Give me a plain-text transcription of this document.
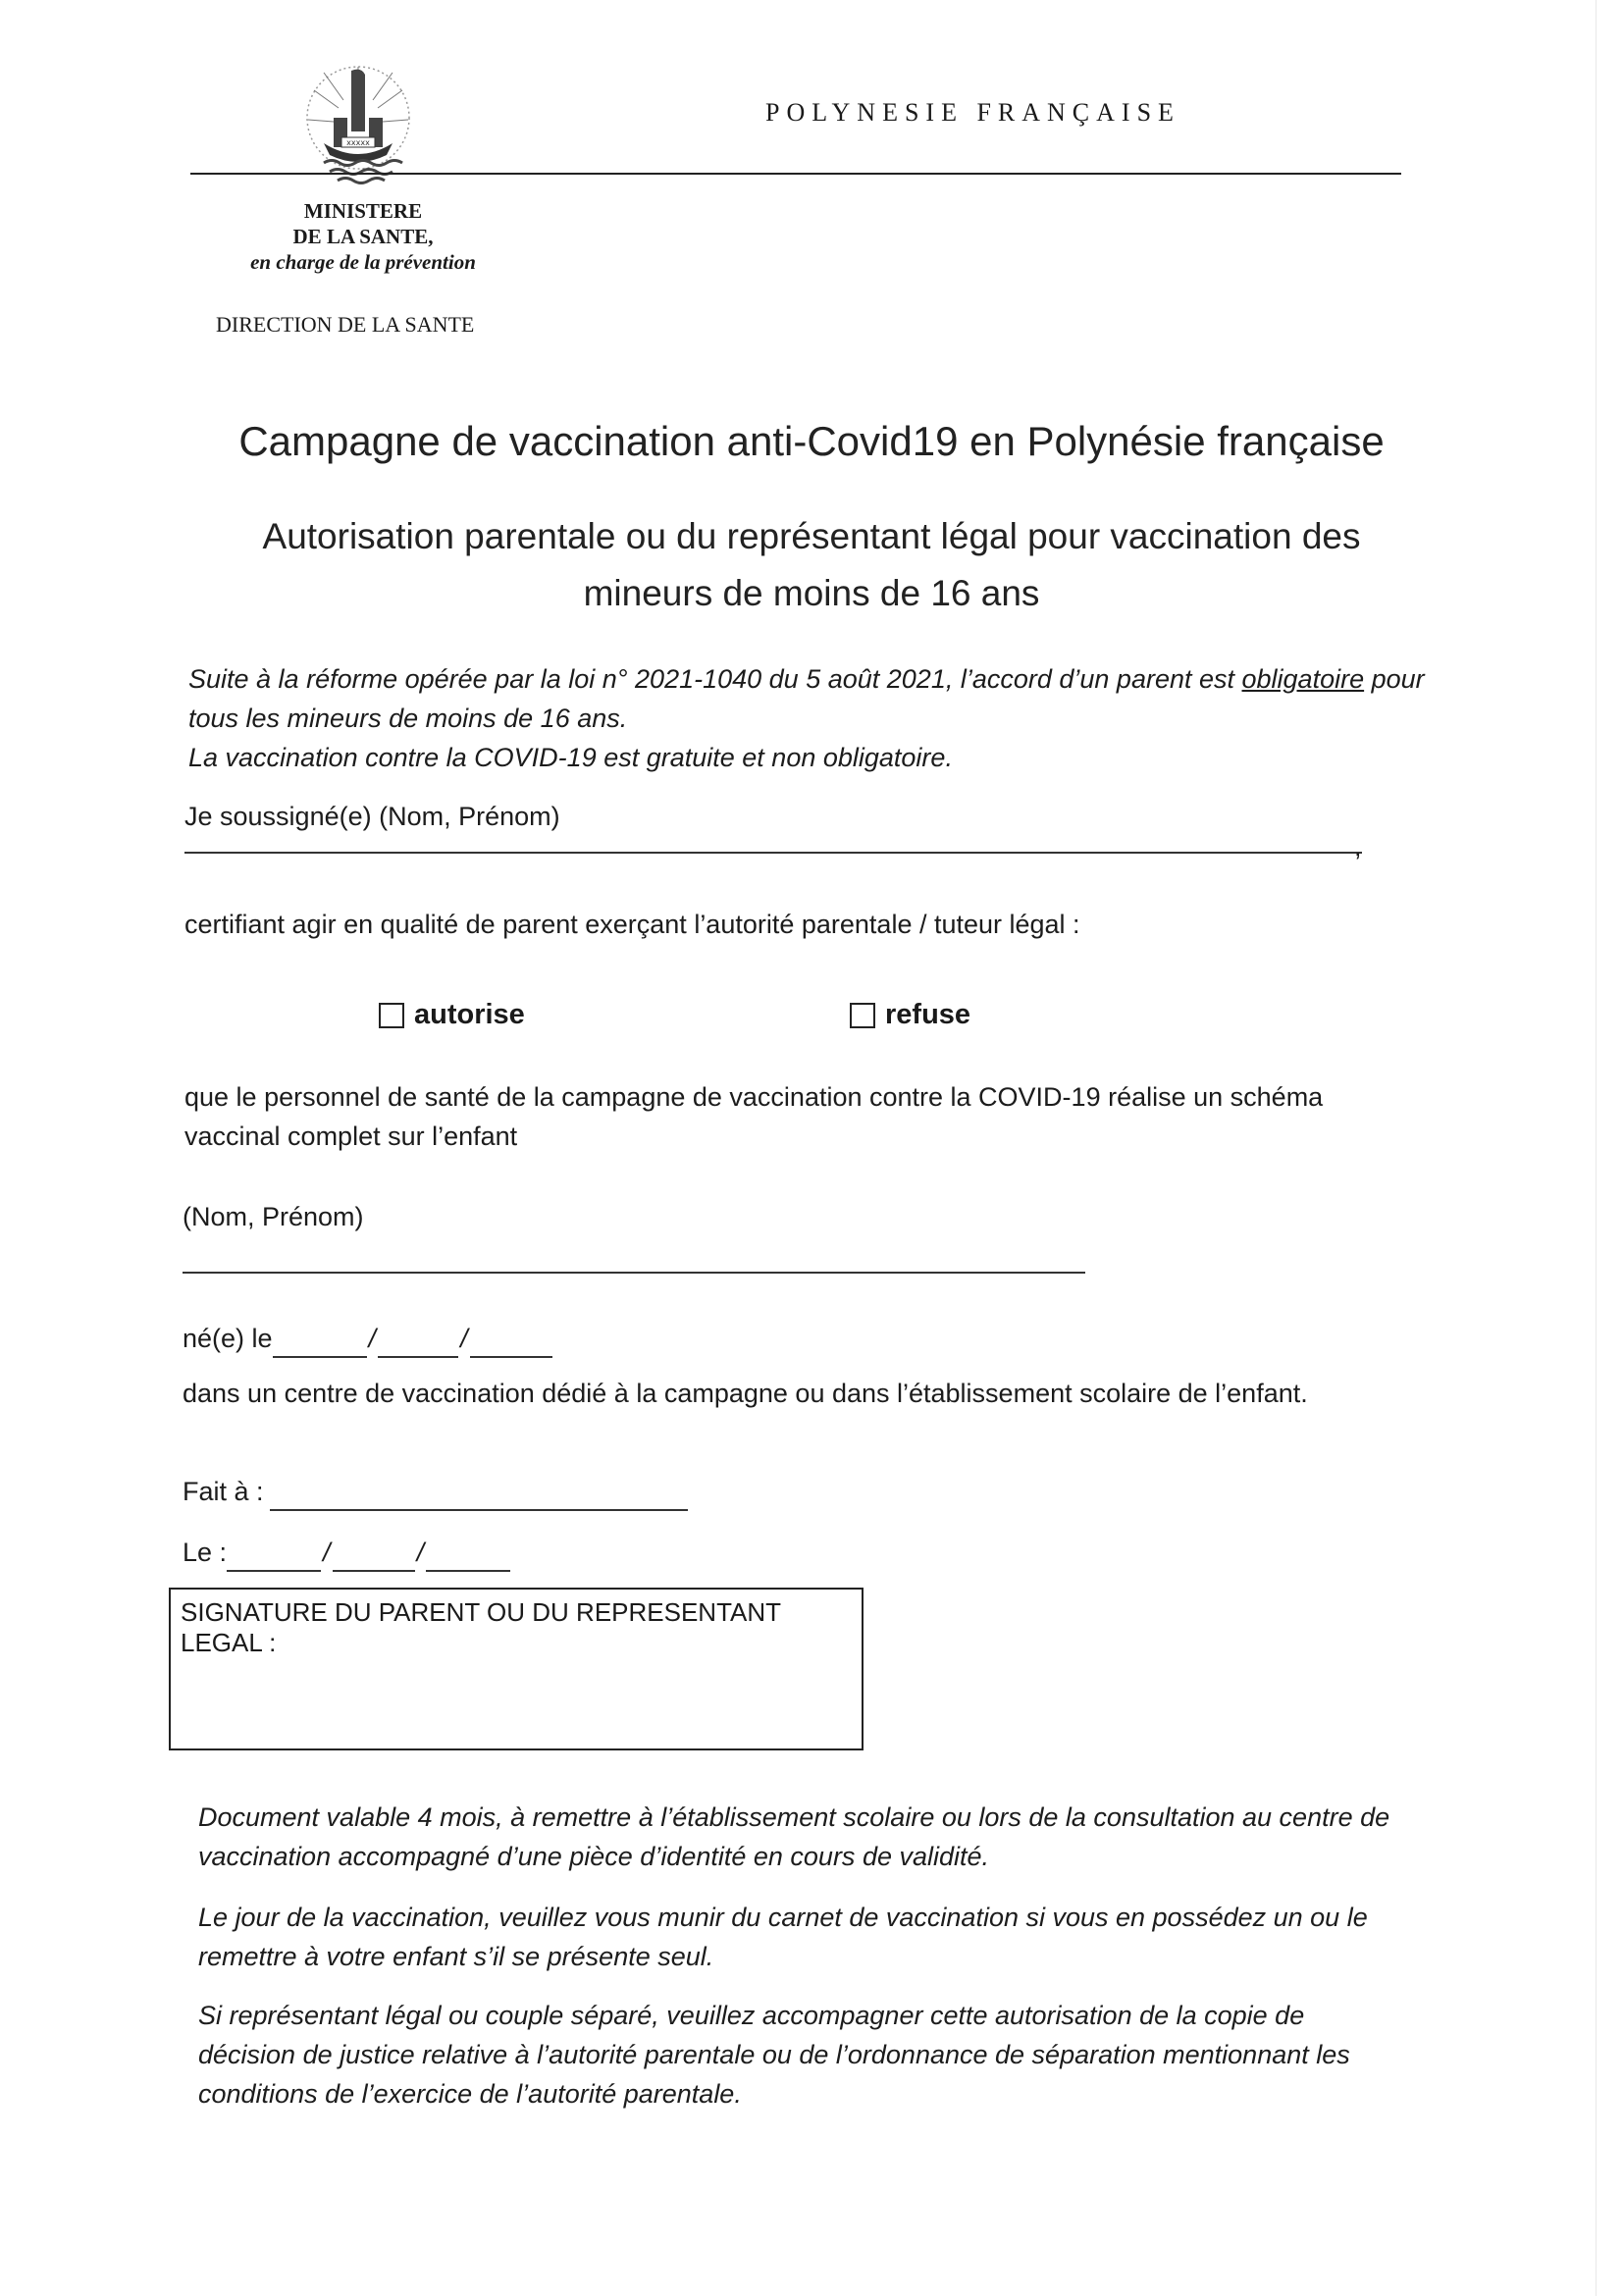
xxxxx
POLYNESIE FRANÇAISE
MINISTERE
DE LA SANTE,
en charge de la prévention
DIRECTION DE LA SANTE
Campagne de vaccination anti-Covid19 en Polynésie française
Autorisation parentale ou du représentant légal pour vaccination des mineurs de moins de 16 ans
Suite à la réforme opérée par la loi n° 2021-1040 du 5 août 2021, l’accord d’un parent est obligatoire pour tous les mineurs de moins de 16 ans.
La vaccination contre la COVID-19 est gratuite et non obligatoire.
Je soussigné(e) (Nom, Prénom)
,
certifiant agir en qualité de parent exerçant l’autorité parentale / tuteur légal :
autorise	refuse
que le personnel de santé de la campagne de vaccination contre la COVID-19 réalise un schéma vaccinal complet sur l’enfant
(Nom, Prénom)
né(e) le	/	/
dans un centre de vaccination dédié à la campagne ou dans l’établissement scolaire de l’enfant.
Fait à :
Le :	/	/
SIGNATURE DU PARENT OU DU REPRESENTANT LEGAL :
Document valable 4 mois, à remettre à l’établissement scolaire ou lors de la consultation au centre de vaccination accompagné d’une pièce d’identité en cours de validité.
Le jour de la vaccination, veuillez vous munir du carnet de vaccination si vous en possédez un ou le remettre à votre enfant s’il se présente seul.
Si représentant légal ou couple séparé, veuillez accompagner cette autorisation de la copie de décision de justice relative à l’autorité parentale ou de l’ordonnance de séparation mentionnant les conditions de l’exercice de l’autorité parentale.
